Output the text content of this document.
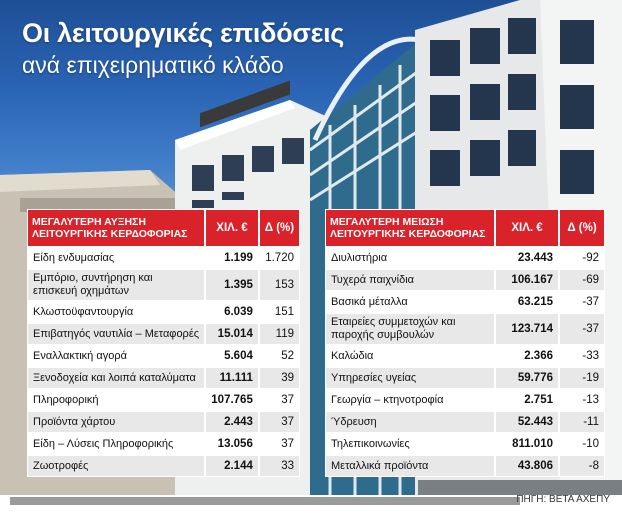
Οι λειτουργικές επιδόσεις
ανά επιχειρηματικό κλάδο
ΜΕΓΑΛΥΤΕΡΗ ΑΥΞΗΣΗ
ΛΕΙΤΟΥΡΓΙΚΗΣ ΚΕΡΔΟΦΟΡΙΑΣ	ΧΙΛ. €	Δ (%)
Είδη ενδυμασίας	1.199	1.720
Εμπόριο, συντήρηση και επισκευή οχημάτων	1.395	153
Κλωστοϋφαντουργία	6.039	151
Επιβατηγός ναυτιλία – Μεταφορές	15.014	119
Εναλλακτική αγορά	5.604	52
Ξενοδοχεία και λοιπά καταλύματα	11.111	39
Πληροφορική	107.765	37
Προϊόντα χάρτου	2.443	37
Είδη – Λύσεις Πληροφορικής	13.056	37
Ζωοτροφές	2.144	33
ΜΕΓΑΛΥΤΕΡΗ ΜΕΙΩΣΗ
ΛΕΙΤΟΥΡΓΙΚΗΣ ΚΕΡΔΟΦΟΡΙΑΣ	ΧΙΛ. €	Δ (%)
Διυλιστήρια	23.443	-92
Τυχερά παιχνίδια	106.167	-69
Βασικά μέταλλα	63.215	-37
Εταιρείες συμμετοχών και παροχής συμβουλών	123.714	-37
Καλώδια	2.366	-33
Υπηρεσίες υγείας	59.776	-19
Γεωργία – κτηνοτροφία	2.751	-13
Ύδρευση	52.443	-11
Τηλεπικοινωνίες	811.010	-10
Μεταλλικά προϊόντα	43.806	-8
ΠΗΓΗ: ΒΕΤΑ ΑΧΕΠΥ
